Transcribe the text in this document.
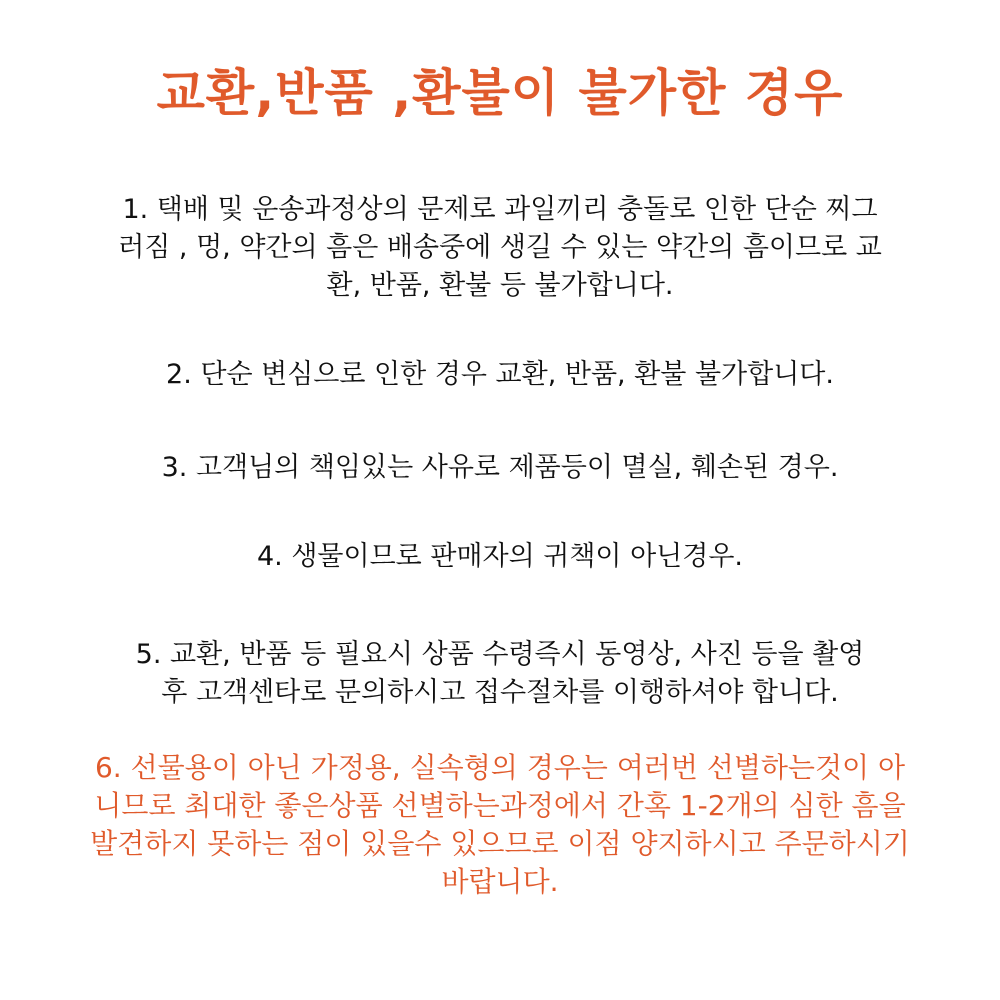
교환,반품 ,환불이 불가한 경우

1. 택배 및 운송과정상의 문제로 과일끼리 충돌로 인한 단순 찌그
러짐 , 멍, 약간의 흠은 배송중에 생길 수 있는 약간의 흠이므로 교
환, 반품, 환불 등 불가합니다.

2. 단순 변심으로 인한 경우 교환, 반품, 환불 불가합니다.

3. 고객님의 책임있는 사유로 제품등이 멸실, 훼손된 경우.

4. 생물이므로 판매자의 귀책이 아닌경우.

5. 교환, 반품 등 필요시 상품 수령즉시 동영상, 사진 등을 촬영
후 고객센타로 문의하시고 접수절차를 이행하셔야 합니다.

6. 선물용이 아닌 가정용, 실속형의 경우는 여러번 선별하는것이 아
니므로 최대한 좋은상품 선별하는과정에서 간혹 1-2개의 심한 흠을
발견하지 못하는 점이 있을수 있으므로 이점 양지하시고 주문하시기
바랍니다.
